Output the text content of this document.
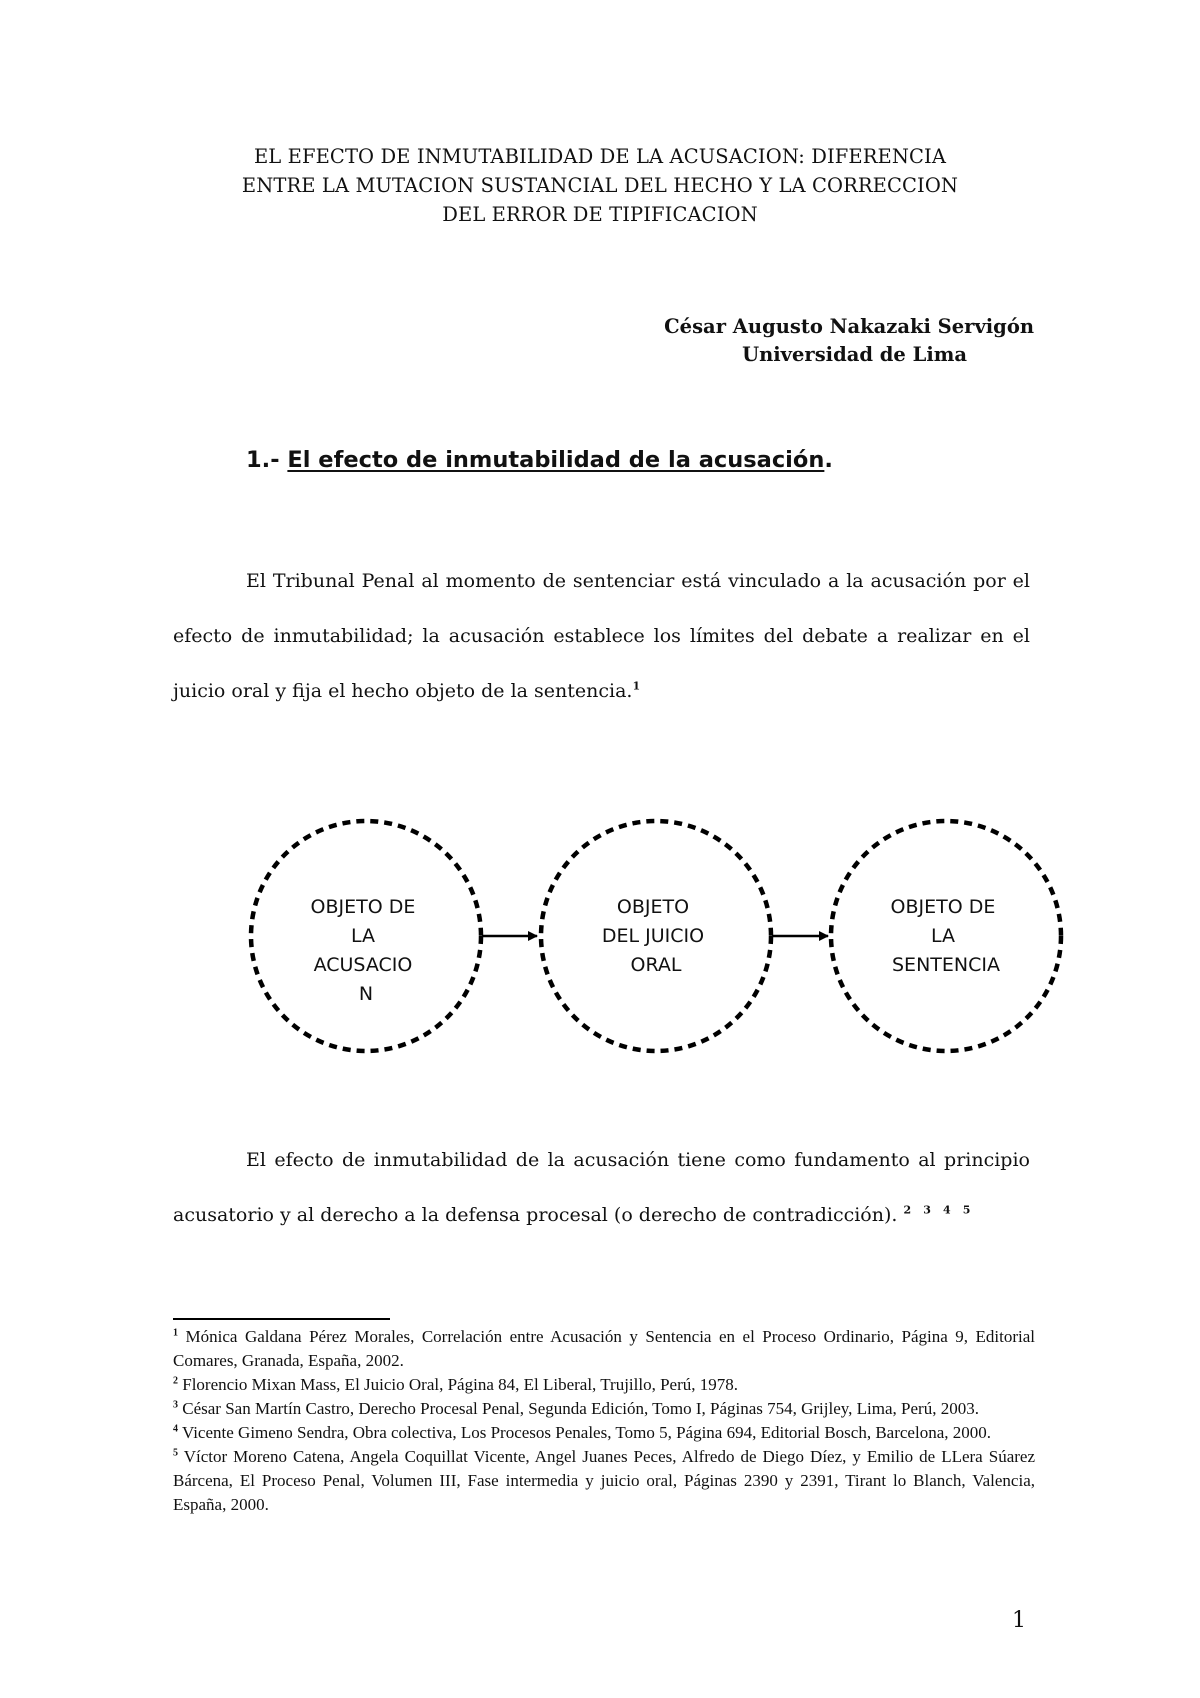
EL EFECTO DE INMUTABILIDAD DE LA ACUSACION: DIFERENCIA
ENTRE LA MUTACION SUSTANCIAL DEL HECHO Y LA CORRECCION
DEL ERROR DE TIPIFICACION
César Augusto Nakazaki Servigón
Universidad de Lima
1.- El efecto de inmutabilidad de la acusación.

El Tribunal Penal al momento de sentenciar está vinculado a la acusación por el efecto de inmutabilidad; la acusación establece los límites del debate a realizar en el juicio oral y fija el hecho objeto de la sentencia.$^1$

OBJETO DE LA ACUSACIO N
OBJETO DEL JUICIO ORAL
OBJETO DE LA SENTENCIA

El efecto de inmutabilidad de la acusación tiene como fundamento al principio acusatorio y al derecho a la defensa procesal (o derecho de contradicción). $^2$ $^3$ $^4$ $^5$

$^1$ Mónica Galdana Pérez Morales, Correlación entre Acusación y Sentencia en el Proceso Ordinario, Página 9, Editorial Comares, Granada, España, 2002.

$^2$ Florencio Mixan Mass, El Juicio Oral, Página 84, El Liberal, Trujillo, Perú, 1978.

$^3$ César San Martín Castro, Derecho Procesal Penal, Segunda Edición, Tomo I, Páginas 754, Grijley, Lima, Perú, 2003.

$^4$ Vicente Gimeno Sendra, Obra colectiva, Los Procesos Penales, Tomo 5, Página 694, Editorial Bosch, Barcelona, 2000.

$^5$ Víctor Moreno Catena, Angela Coquillat Vicente, Angel Juanes Peces, Alfredo de Diego Díez, y Emilio de LLera Súarez Bárcena, El Proceso Penal, Volumen III, Fase intermedia y juicio oral, Páginas 2390 y 2391, Tirant lo Blanch, Valencia, España, 2000.

1
